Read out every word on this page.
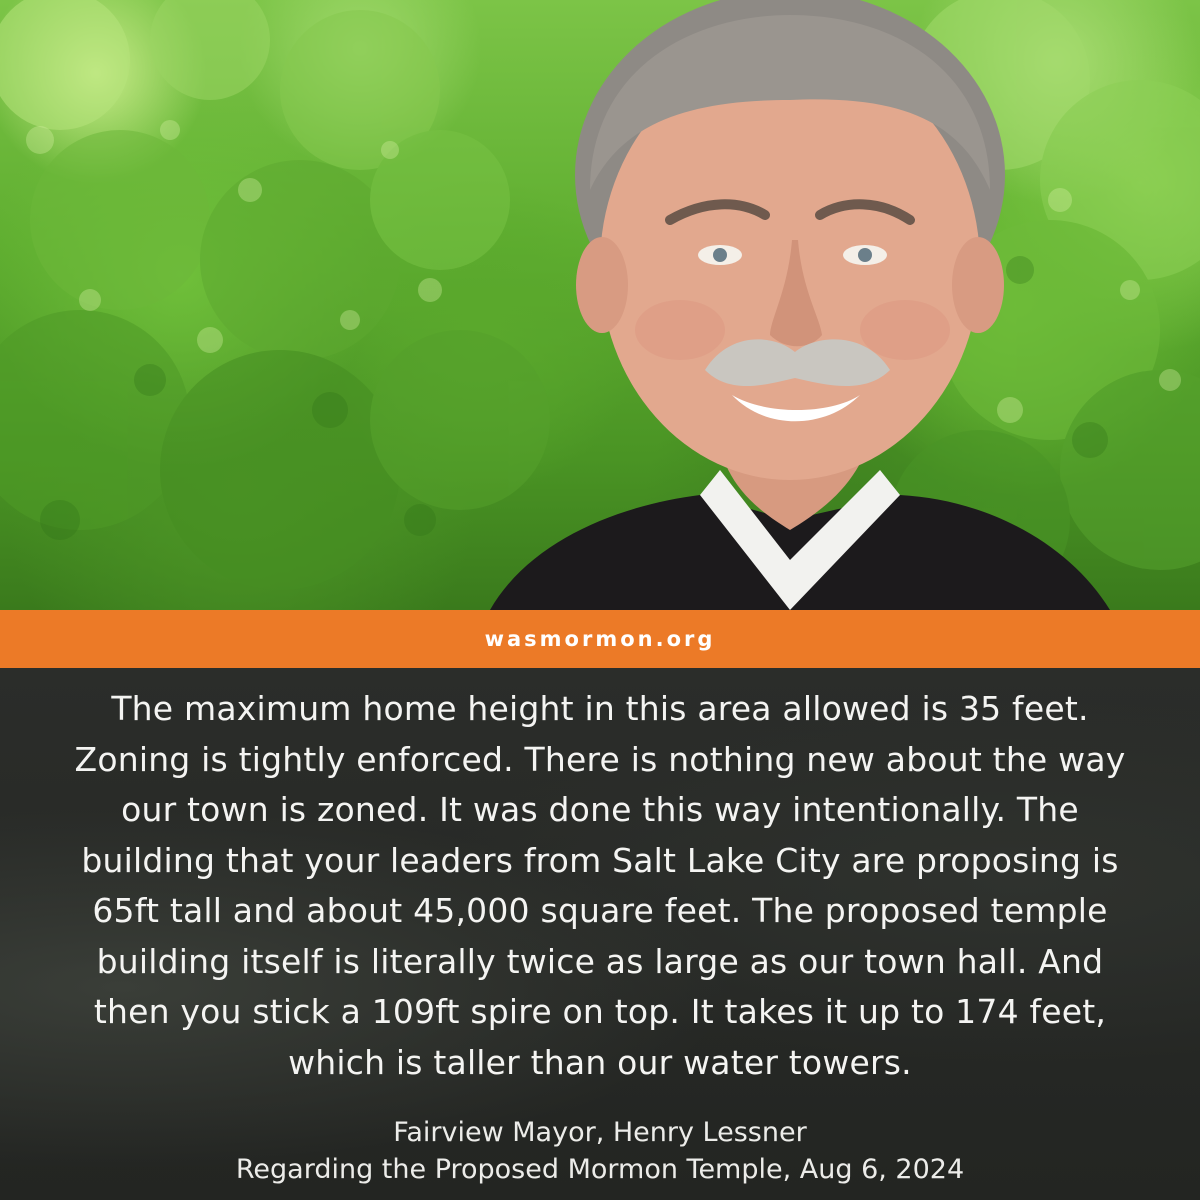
wasmormon.org

The maximum home height in this area allowed is 35 feet. Zoning is tightly enforced. There is nothing new about the way our town is zoned. It was done this way intentionally. The building that your leaders from Salt Lake City are proposing is 65ft tall and about 45,000 square feet. The proposed temple building itself is literally twice as large as our town hall. And then you stick a 109ft spire on top. It takes it up to 174 feet, which is taller than our water towers.

Fairview Mayor, Henry Lessner
Regarding the Proposed Mormon Temple, Aug 6, 2024
